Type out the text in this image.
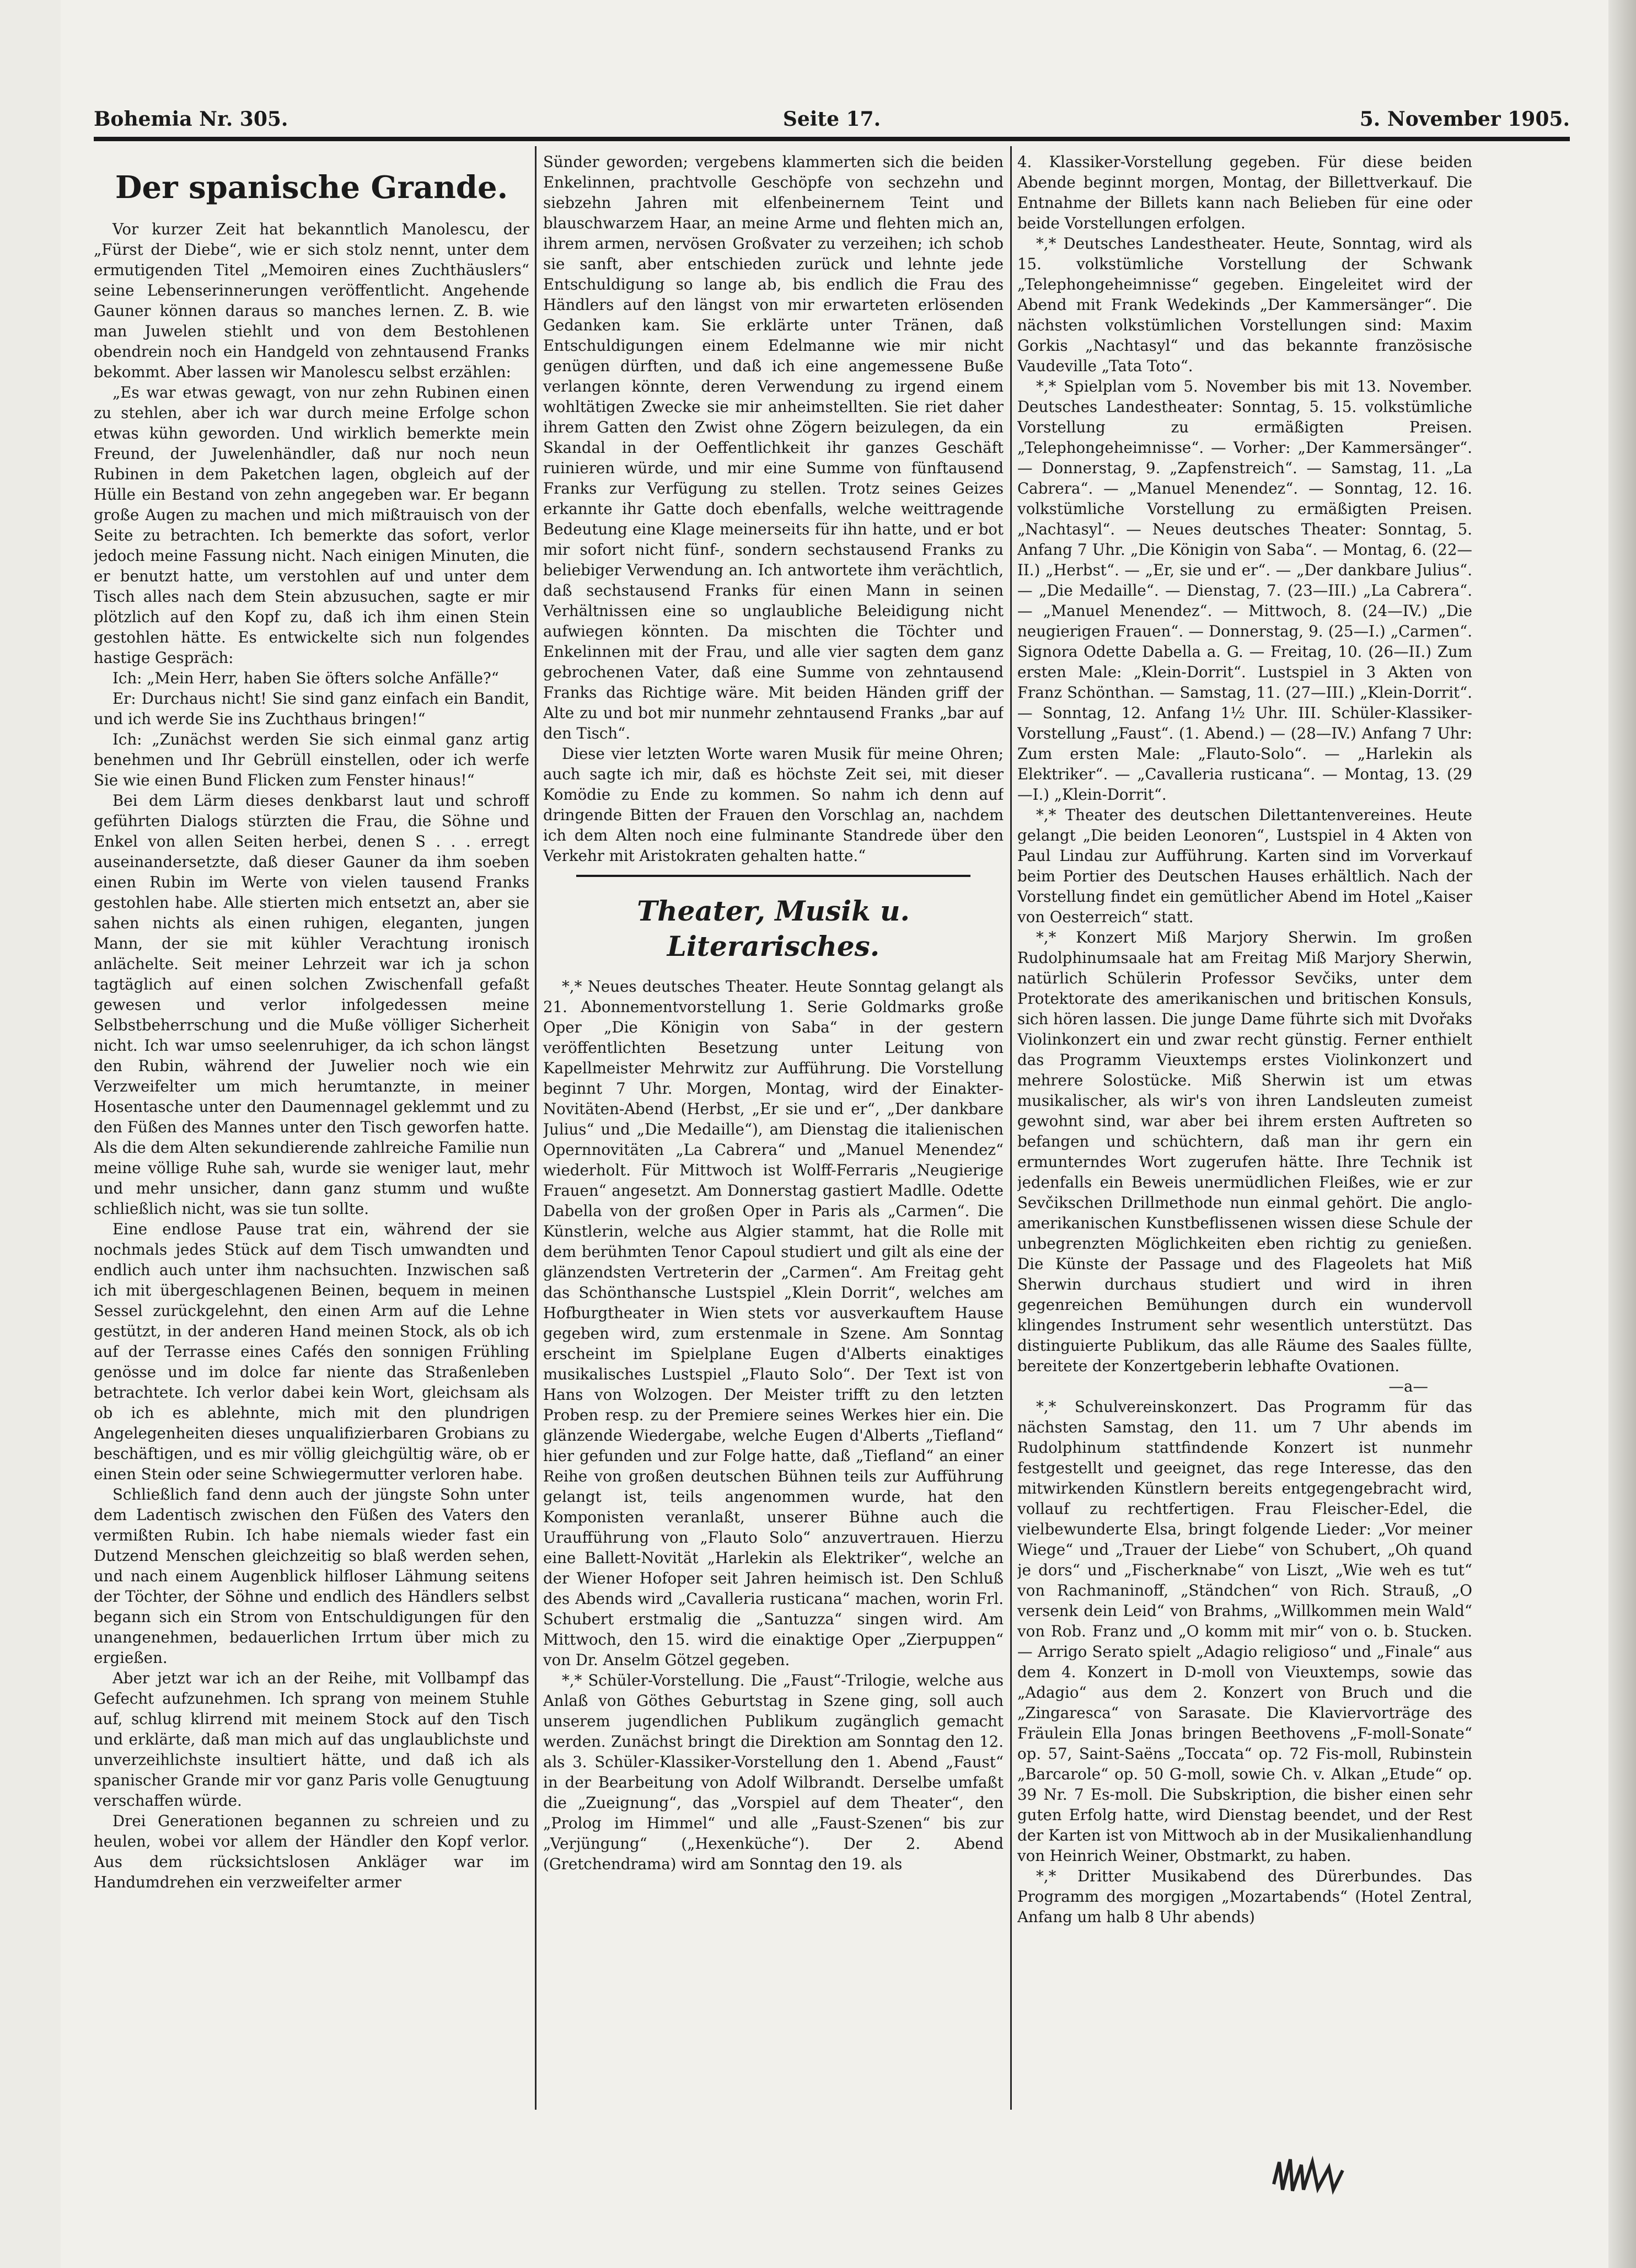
Bohemia Nr. 305.	Seite 17.	5. November 1905.
Der spanische Grande.

Vor kurzer Zeit hat bekanntlich Manolescu, der „Fürst der Diebe“, wie er sich stolz nennt, unter dem ermutigenden Titel „Memoiren eines Zuchthäuslers“ seine Lebenserinnerungen veröffentlicht. Angehende Gauner können daraus so manches lernen. Z. B. wie man Juwelen stiehlt und von dem Bestohlenen obendrein noch ein Handgeld von zehntausend Franks bekommt. Aber lassen wir Manolescu selbst erzählen:

„Es war etwas gewagt, von nur zehn Rubinen einen zu stehlen, aber ich war durch meine Erfolge schon etwas kühn geworden. Und wirklich bemerkte mein Freund, der Juwelenhändler, daß nur noch neun Rubinen in dem Paketchen lagen, obgleich auf der Hülle ein Bestand von zehn angegeben war. Er begann große Augen zu machen und mich mißtrauisch von der Seite zu betrachten. Ich bemerkte das sofort, verlor jedoch meine Fassung nicht. Nach einigen Minuten, die er benutzt hatte, um verstohlen auf und unter dem Tisch alles nach dem Stein abzusuchen, sagte er mir plötzlich auf den Kopf zu, daß ich ihm einen Stein gestohlen hätte. Es entwickelte sich nun folgendes hastige Gespräch:

Ich: „Mein Herr, haben Sie öfters solche Anfälle?“

Er: Durchaus nicht! Sie sind ganz einfach ein Bandit, und ich werde Sie ins Zuchthaus bringen!“

Ich: „Zunächst werden Sie sich einmal ganz artig benehmen und Ihr Gebrüll einstellen, oder ich werfe Sie wie einen Bund Flicken zum Fenster hinaus!“

Bei dem Lärm dieses denkbarst laut und schroff geführten Dialogs stürzten die Frau, die Söhne und Enkel von allen Seiten herbei, denen S . . . erregt auseinandersetzte, daß dieser Gauner da ihm soeben einen Rubin im Werte von vielen tausend Franks gestohlen habe. Alle stierten mich entsetzt an, aber sie sahen nichts als einen ruhigen, eleganten, jungen Mann, der sie mit kühler Verachtung ironisch anlächelte. Seit meiner Lehrzeit war ich ja schon tagtäglich auf einen solchen Zwischenfall gefaßt gewesen und verlor infolgedessen meine Selbstbeherrschung und die Muße völliger Sicherheit nicht. Ich war umso seelenruhiger, da ich schon längst den Rubin, während der Juwelier noch wie ein Verzweifelter um mich herumtanzte, in meiner Hosentasche unter den Daumennagel geklemmt und zu den Füßen des Mannes unter den Tisch geworfen hatte. Als die dem Alten sekundierende zahlreiche Familie nun meine völlige Ruhe sah, wurde sie weniger laut, mehr und mehr unsicher, dann ganz stumm und wußte schließlich nicht, was sie tun sollte.

Eine endlose Pause trat ein, während der sie nochmals jedes Stück auf dem Tisch umwandten und endlich auch unter ihm nachsuchten. Inzwischen saß ich mit übergeschlagenen Beinen, bequem in meinen Sessel zurückgelehnt, den einen Arm auf die Lehne gestützt, in der anderen Hand meinen Stock, als ob ich auf der Terrasse eines Cafés den sonnigen Frühling genösse und im dolce far niente das Straßenleben betrachtete. Ich verlor dabei kein Wort, gleichsam als ob ich es ablehnte, mich mit den plundrigen Angelegenheiten dieses unqualifizierbaren Grobians zu beschäftigen, und es mir völlig gleichgültig wäre, ob er einen Stein oder seine Schwiegermutter verloren habe.

Schließlich fand denn auch der jüngste Sohn unter dem Ladentisch zwischen den Füßen des Vaters den vermißten Rubin. Ich habe niemals wieder fast ein Dutzend Menschen gleichzeitig so blaß werden sehen, und nach einem Augenblick hilfloser Lähmung seitens der Töchter, der Söhne und endlich des Händlers selbst begann sich ein Strom von Entschuldigungen für den unangenehmen, bedauerlichen Irrtum über mich zu ergießen.

Aber jetzt war ich an der Reihe, mit Vollbampf das Gefecht aufzunehmen. Ich sprang von meinem Stuhle auf, schlug klirrend mit meinem Stock auf den Tisch und erklärte, daß man mich auf das unglaublichste und unverzeihlichste insultiert hätte, und daß ich als spanischer Grande mir vor ganz Paris volle Genugtuung verschaffen würde.

Drei Generationen begannen zu schreien und zu heulen, wobei vor allem der Händler den Kopf verlor. Aus dem rücksichtslosen Ankläger war im Handumdrehen ein verzweifelter armer

Sünder geworden; vergebens klammerten sich die beiden Enkelinnen, prachtvolle Geschöpfe von sechzehn und siebzehn Jahren mit elfenbeinernem Teint und blauschwarzem Haar, an meine Arme und flehten mich an, ihrem armen, nervösen Großvater zu verzeihen; ich schob sie sanft, aber entschieden zurück und lehnte jede Entschuldigung so lange ab, bis endlich die Frau des Händlers auf den längst von mir erwarteten erlösenden Gedanken kam. Sie erklärte unter Tränen, daß Entschuldigungen einem Edelmanne wie mir nicht genügen dürften, und daß ich eine angemessene Buße verlangen könnte, deren Verwendung zu irgend einem wohltätigen Zwecke sie mir anheimstellten. Sie riet daher ihrem Gatten den Zwist ohne Zögern beizulegen, da ein Skandal in der Oeffentlichkeit ihr ganzes Geschäft ruinieren würde, und mir eine Summe von fünftausend Franks zur Verfügung zu stellen. Trotz seines Geizes erkannte ihr Gatte doch ebenfalls, welche weittragende Bedeutung eine Klage meinerseits für ihn hatte, und er bot mir sofort nicht fünf-, sondern sechstausend Franks zu beliebiger Verwendung an. Ich antwortete ihm verächtlich, daß sechstausend Franks für einen Mann in seinen Verhältnissen eine so unglaubliche Beleidigung nicht aufwiegen könnten. Da mischten die Töchter und Enkelinnen mit der Frau, und alle vier sagten dem ganz gebrochenen Vater, daß eine Summe von zehntausend Franks das Richtige wäre. Mit beiden Händen griff der Alte zu und bot mir nunmehr zehntausend Franks „bar auf den Tisch“.

Diese vier letzten Worte waren Musik für meine Ohren; auch sagte ich mir, daß es höchste Zeit sei, mit dieser Komödie zu Ende zu kommen. So nahm ich denn auf dringende Bitten der Frauen den Vorschlag an, nachdem ich dem Alten noch eine fulminante Standrede über den Verkehr mit Aristokraten gehalten hatte.“

Theater, Musik u. Literarisches.

*,* Neues deutsches Theater. Heute Sonntag gelangt als 21. Abonnementvorstellung 1. Serie Goldmarks große Oper „Die Königin von Saba“ in der gestern veröffentlichten Besetzung unter Leitung von Kapellmeister Mehrwitz zur Aufführung. Die Vorstellung beginnt 7 Uhr. Morgen, Montag, wird der Einakter-Novitäten-Abend (Herbst, „Er sie und er“, „Der dankbare Julius“ und „Die Medaille“), am Dienstag die italienischen Opernnovitäten „La Cabrera“ und „Manuel Menendez“ wiederholt. Für Mittwoch ist Wolff-Ferraris „Neugierige Frauen“ angesetzt. Am Donnerstag gastiert Madlle. Odette Dabella von der großen Oper in Paris als „Carmen“. Die Künstlerin, welche aus Algier stammt, hat die Rolle mit dem berühmten Tenor Capoul studiert und gilt als eine der glänzendsten Vertreterin der „Carmen“. Am Freitag geht das Schönthansche Lustspiel „Klein Dorrit“, welches am Hofburgtheater in Wien stets vor ausverkauftem Hause gegeben wird, zum erstenmale in Szene. Am Sonntag erscheint im Spielplane Eugen d'Alberts einaktiges musikalisches Lustspiel „Flauto Solo“. Der Text ist von Hans von Wolzogen. Der Meister trifft zu den letzten Proben resp. zu der Premiere seines Werkes hier ein. Die glänzende Wiedergabe, welche Eugen d'Alberts „Tiefland“ hier gefunden und zur Folge hatte, daß „Tiefland“ an einer Reihe von großen deutschen Bühnen teils zur Aufführung gelangt ist, teils angenommen wurde, hat den Komponisten veranlaßt, unserer Bühne auch die Uraufführung von „Flauto Solo“ anzuvertrauen. Hierzu eine Ballett-Novität „Harlekin als Elektriker“, welche an der Wiener Hofoper seit Jahren heimisch ist. Den Schluß des Abends wird „Cavalleria rusticana“ machen, worin Frl. Schubert erstmalig die „Santuzza“ singen wird. Am Mittwoch, den 15. wird die einaktige Oper „Zierpuppen“ von Dr. Anselm Götzel gegeben.

*,* Schüler-Vorstellung. Die „Faust“-Trilogie, welche aus Anlaß von Göthes Geburtstag in Szene ging, soll auch unserem jugendlichen Publikum zugänglich gemacht werden. Zunächst bringt die Direktion am Sonntag den 12. als 3. Schüler-Klassiker-Vorstellung den 1. Abend „Faust“ in der Bearbeitung von Adolf Wilbrandt. Derselbe umfaßt die „Zueignung“, das „Vorspiel auf dem Theater“, den „Prolog im Himmel“ und alle „Faust-Szenen“ bis zur „Verjüngung“ („Hexenküche“). Der 2. Abend (Gretchendrama) wird am Sonntag den 19. als

4. Klassiker-Vorstellung gegeben. Für diese beiden Abende beginnt morgen, Montag, der Billettverkauf. Die Entnahme der Billets kann nach Belieben für eine oder beide Vorstellungen erfolgen.

*,* Deutsches Landestheater. Heute, Sonntag, wird als 15. volkstümliche Vorstellung der Schwank „Telephongeheimnisse“ gegeben. Eingeleitet wird der Abend mit Frank Wedekinds „Der Kammersänger“. Die nächsten volkstümlichen Vorstellungen sind: Maxim Gorkis „Nachtasyl“ und das bekannte französische Vaudeville „Tata Toto“.

*,* Spielplan vom 5. November bis mit 13. November. Deutsches Landestheater: Sonntag, 5. 15. volkstümliche Vorstellung zu ermäßigten Preisen. „Telephongeheimnisse“. — Vorher: „Der Kammersänger“. — Donnerstag, 9. „Zapfenstreich“. — Samstag, 11. „La Cabrera“. — „Manuel Menendez“. — Sonntag, 12. 16. volkstümliche Vorstellung zu ermäßigten Preisen. „Nachtasyl“. — Neues deutsches Theater: Sonntag, 5. Anfang 7 Uhr. „Die Königin von Saba“. — Montag, 6. (22—II.) „Herbst“. — „Er, sie und er“. — „Der dankbare Julius“. — „Die Medaille“. — Dienstag, 7. (23—III.) „La Cabrera“. — „Manuel Menendez“. — Mittwoch, 8. (24—IV.) „Die neugierigen Frauen“. — Donnerstag, 9. (25—I.) „Carmen“. Signora Odette Dabella a. G. — Freitag, 10. (26—II.) Zum ersten Male: „Klein-Dorrit“. Lustspiel in 3 Akten von Franz Schönthan. — Samstag, 11. (27—III.) „Klein-Dorrit“. — Sonntag, 12. Anfang 1½ Uhr. III. Schüler-Klassiker-Vorstellung „Faust“. (1. Abend.) — (28—IV.) Anfang 7 Uhr: Zum ersten Male: „Flauto-Solo“. — „Harlekin als Elektriker“. — „Cavalleria rusticana“. — Montag, 13. (29—I.) „Klein-Dorrit“.

*,* Theater des deutschen Dilettantenvereines. Heute gelangt „Die beiden Leonoren“, Lustspiel in 4 Akten von Paul Lindau zur Aufführung. Karten sind im Vorverkauf beim Portier des Deutschen Hauses erhältlich. Nach der Vorstellung findet ein gemütlicher Abend im Hotel „Kaiser von Oesterreich“ statt.

*,* Konzert Miß Marjory Sherwin. Im großen Rudolphinumsaale hat am Freitag Miß Marjory Sherwin, natürlich Schülerin Professor Sevčiks, unter dem Protektorate des amerikanischen und britischen Konsuls, sich hören lassen. Die junge Dame führte sich mit Dvořaks Violinkonzert ein und zwar recht günstig. Ferner enthielt das Programm Vieuxtemps erstes Violinkonzert und mehrere Solostücke. Miß Sherwin ist um etwas musikalischer, als wir's von ihren Landsleuten zumeist gewohnt sind, war aber bei ihrem ersten Auftreten so befangen und schüchtern, daß man ihr gern ein ermunterndes Wort zugerufen hätte. Ihre Technik ist jedenfalls ein Beweis unermüdlichen Fleißes, wie er zur Sevčikschen Drillmethode nun einmal gehört. Die anglo-amerikanischen Kunstbeflissenen wissen diese Schule der unbegrenzten Möglichkeiten eben richtig zu genießen. Die Künste der Passage und des Flageolets hat Miß Sherwin durchaus studiert und wird in ihren gegenreichen Bemühungen durch ein wundervoll klingendes Instrument sehr wesentlich unterstützt. Das distinguierte Publikum, das alle Räume des Saales füllte, bereitete der Konzertgeberin lebhafte Ovationen.

—a—

*,* Schulvereinskonzert. Das Programm für das nächsten Samstag, den 11. um 7 Uhr abends im Rudolphinum stattfindende Konzert ist nunmehr festgestellt und geeignet, das rege Interesse, das den mitwirkenden Künstlern bereits entgegengebracht wird, vollauf zu rechtfertigen. Frau Fleischer-Edel, die vielbewunderte Elsa, bringt folgende Lieder: „Vor meiner Wiege“ und „Trauer der Liebe“ von Schubert, „Oh quand je dors“ und „Fischerknabe“ von Liszt, „Wie weh es tut“ von Rachmaninoff, „Ständchen“ von Rich. Strauß, „O versenk dein Leid“ von Brahms, „Willkommen mein Wald“ von Rob. Franz und „O komm mit mir“ von o. b. Stucken. — Arrigo Serato spielt „Adagio religioso“ und „Finale“ aus dem 4. Konzert in D-moll von Vieuxtemps, sowie das „Adagio“ aus dem 2. Konzert von Bruch und die „Zingaresca“ von Sarasate. Die Klaviervorträge des Fräulein Ella Jonas bringen Beethovens „F-moll-Sonate“ op. 57, Saint-Saëns „Toccata“ op. 72 Fis-moll, Rubinstein „Barcarole“ op. 50 G-moll, sowie Ch. v. Alkan „Etude“ op. 39 Nr. 7 Es-moll. Die Subskription, die bisher einen sehr guten Erfolg hatte, wird Dienstag beendet, und der Rest der Karten ist von Mittwoch ab in der Musikalienhandlung von Heinrich Weiner, Obstmarkt, zu haben.

*,* Dritter Musikabend des Dürerbundes. Das Programm des morgigen „Mozartabends“ (Hotel Zentral, Anfang um halb 8 Uhr abends)
